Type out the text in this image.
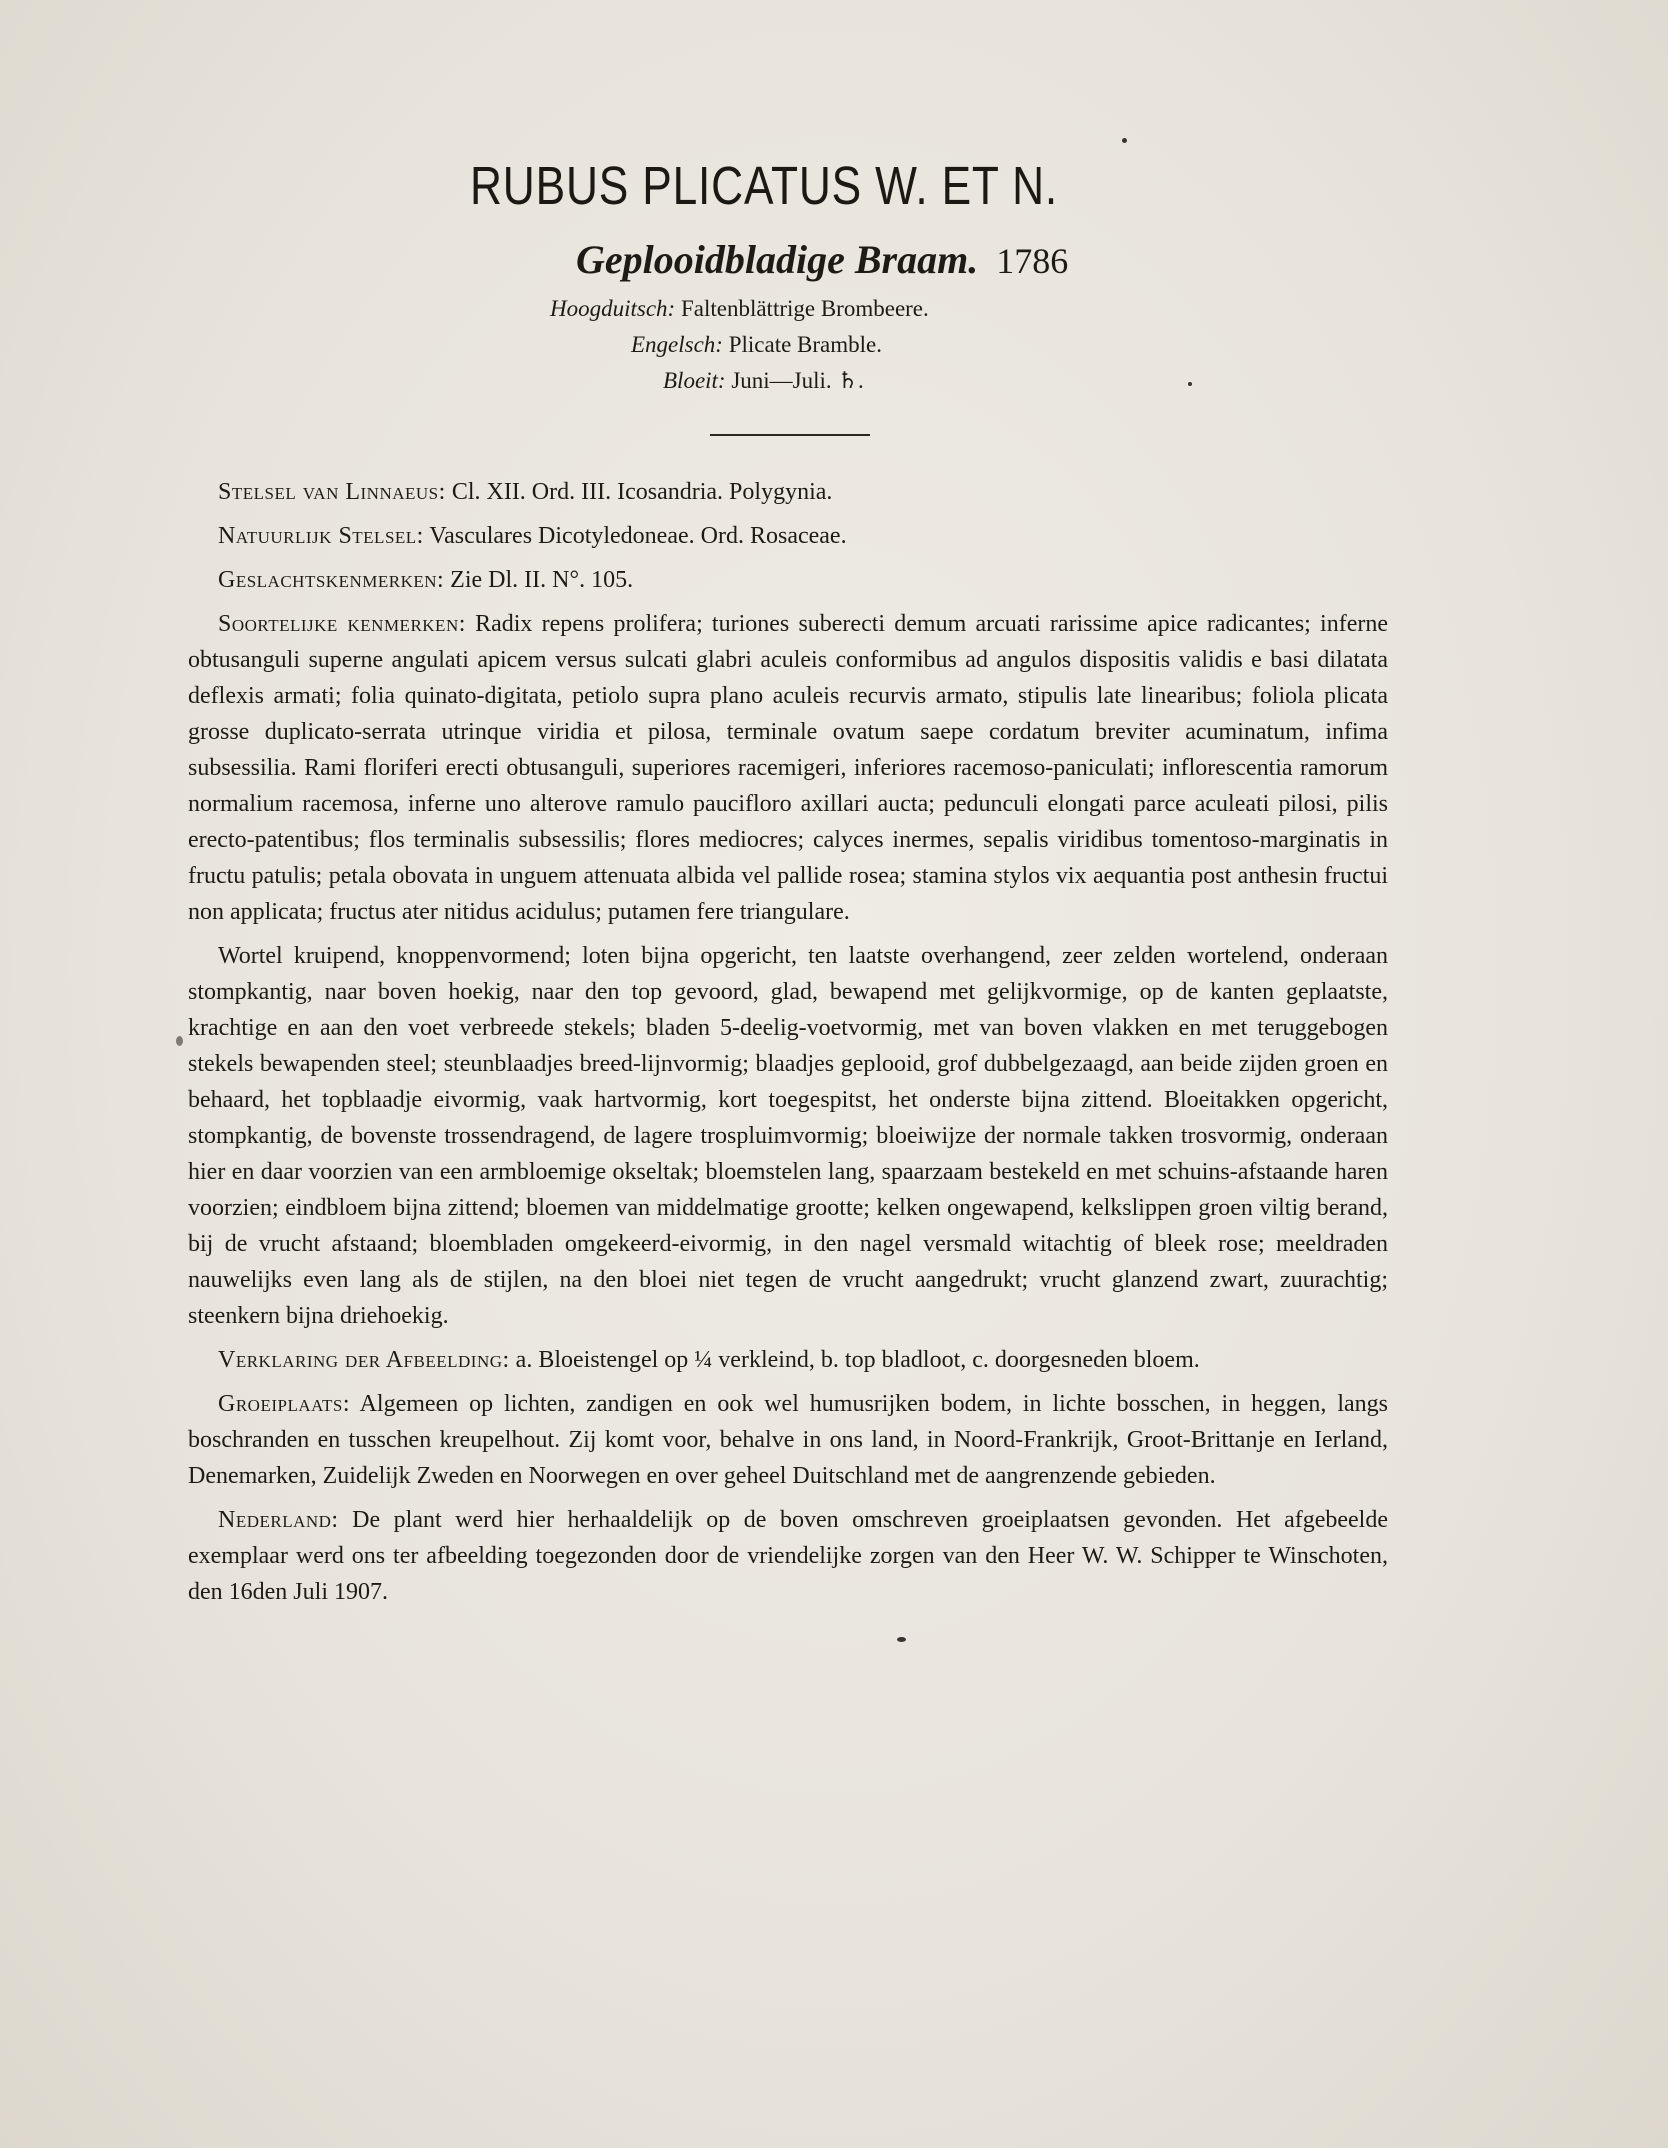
RUBUS PLICATUS W. ET N.
Geplooidbladige Braam. 1786
Hoogduitsch: Faltenblättrige Brombeere.
Engelsch: Plicate Bramble.
Bloeit: Juni—Juli. ♄.

Stelsel van Linnaeus: Cl. XII. Ord. III. Icosandria. Polygynia.

Natuurlijk Stelsel: Vasculares Dicotyledoneae. Ord. Rosaceae.

Geslachtskenmerken: Zie Dl. II. N°. 105.

Soortelijke kenmerken: Radix repens prolifera; turiones suberecti demum arcuati rarissime apice radicantes; inferne obtusanguli superne angulati apicem versus sulcati glabri aculeis conformibus ad angulos dispositis validis e basi dilatata deflexis armati; folia quinato-digitata, petiolo supra plano aculeis recurvis armato, stipulis late linearibus; foliola plicata grosse duplicato-serrata utrinque viridia et pilosa, terminale ovatum saepe cordatum breviter acuminatum, infima subsessilia. Rami floriferi erecti obtusanguli, superiores racemigeri, inferiores racemoso-paniculati; inflorescentia ramorum normalium racemosa, inferne uno alterove ramulo paucifloro axillari aucta; pedunculi elongati parce aculeati pilosi, pilis erecto-patentibus; flos terminalis subsessilis; flores mediocres; calyces inermes, sepalis viridibus tomentoso-marginatis in fructu patulis; petala obovata in unguem attenuata albida vel pallide rosea; stamina stylos vix aequantia post anthesin fructui non applicata; fructus ater nitidus acidulus; putamen fere triangulare.

Wortel kruipend, knoppenvormend; loten bijna opgericht, ten laatste overhangend, zeer zelden wortelend, onderaan stompkantig, naar boven hoekig, naar den top gevoord, glad, bewapend met gelijkvormige, op de kanten geplaatste, krachtige en aan den voet verbreede stekels; bladen 5-deelig-voetvormig, met van boven vlakken en met teruggebogen stekels bewapenden steel; steunblaadjes breed-lijnvormig; blaadjes geplooid, grof dubbelgezaagd, aan beide zijden groen en behaard, het topblaadje eivormig, vaak hartvormig, kort toegespitst, het onderste bijna zittend. Bloeitakken opgericht, stompkantig, de bovenste trossendragend, de lagere trospluimvormig; bloeiwijze der normale takken trosvormig, onderaan hier en daar voorzien van een armbloemige okseltak; bloemstelen lang, spaarzaam bestekeld en met schuins-afstaande haren voorzien; eindbloem bijna zittend; bloemen van middelmatige grootte; kelken ongewapend, kelkslippen groen viltig berand, bij de vrucht afstaand; bloembladen omgekeerd-eivormig, in den nagel versmald witachtig of bleek rose; meeldraden nauwelijks even lang als de stijlen, na den bloei niet tegen de vrucht aangedrukt; vrucht glanzend zwart, zuurachtig; steenkern bijna driehoekig.

Verklaring der Afbeelding: a. Bloeistengel op ¼ verkleind, b. top bladloot, c. doorgesneden bloem.

Groeiplaats: Algemeen op lichten, zandigen en ook wel humusrijken bodem, in lichte bosschen, in heggen, langs boschranden en tusschen kreupelhout. Zij komt voor, behalve in ons land, in Noord-Frankrijk, Groot-Brittanje en Ierland, Denemarken, Zuidelijk Zweden en Noorwegen en over geheel Duitschland met de aangrenzende gebieden.

Nederland: De plant werd hier herhaaldelijk op de boven omschreven groeiplaatsen gevonden. Het afgebeelde exemplaar werd ons ter afbeelding toegezonden door de vriendelijke zorgen van den Heer W. W. Schipper te Winschoten, den 16den Juli 1907.
